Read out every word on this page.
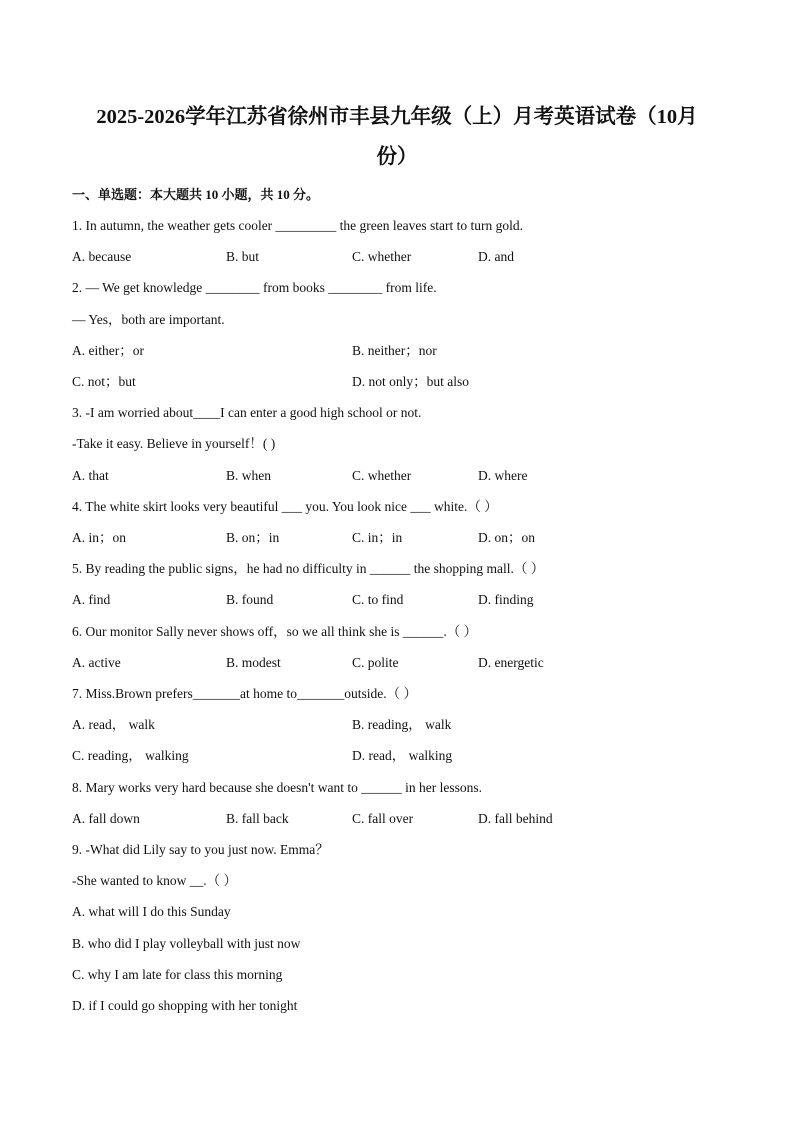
2025-2026学年江苏省徐州市丰县九年级（上）月考英语试卷（10月
份）
一、单选题：本大题共 10 小题，共 10 分。
1. In autumn, the weather gets cooler _________ the green leaves start to turn gold.
A. because	B. but	C. whether	D. and
2. — We get knowledge ________ from books ________ from life.
— Yes，both are important.
A. either；or	B. neither；nor
C. not；but	D. not only；but also
3. -I am worried about____I can enter a good high school or not.
-Take it easy. Believe in yourself！( )
A. that	B. when	C. whether	D. where
4. The white skirt looks very beautiful ___ you. You look nice ___ white.（ ）
A. in；on	B. on；in	C. in；in	D. on；on
5. By reading the public signs，he had no difficulty in ______ the shopping mall.（ ）
A. find	B. found	C. to find	D. finding
6. Our monitor Sally never shows off，so we all think she is ______.（ ）
A. active	B. modest	C. polite	D. energetic
7. Miss.Brown prefers_______at home to_______outside.（ ）
A. read， walk	B. reading， walk
C. reading， walking	D. read， walking
8. Mary works very hard because she doesn't want to ______ in her lessons.
A. fall down	B. fall back	C. fall over	D. fall behind
9. -What did Lily say to you just now. Emma？
-She wanted to know __.（ ）
A. what will I do this Sunday
B. who did I play volleyball with just now
C. why I am late for class this morning
D. if I could go shopping with her tonight
